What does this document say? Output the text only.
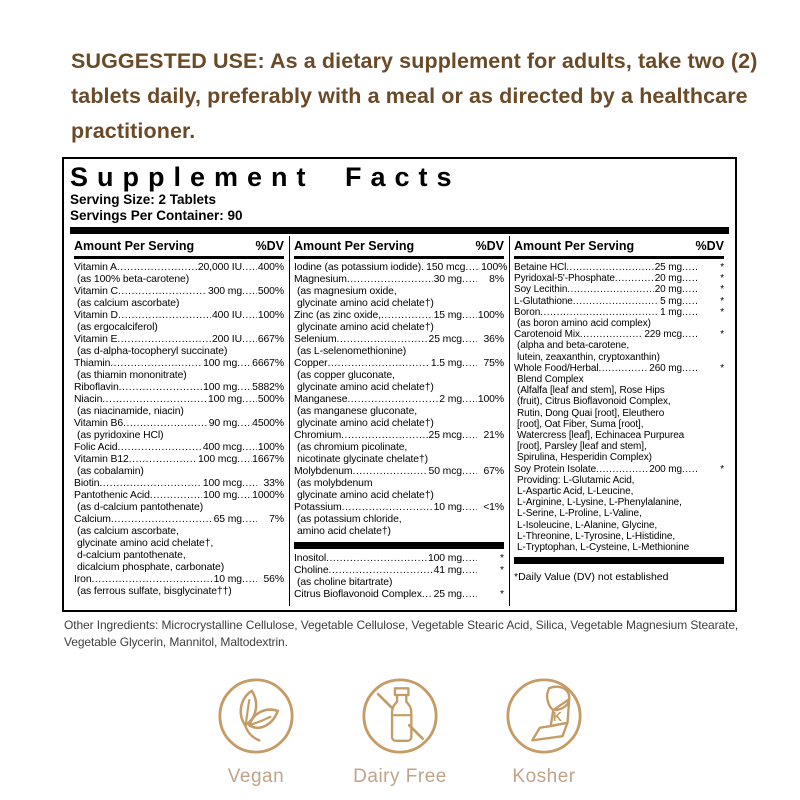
SUGGESTED USE: As a dietary supplement for adults, take two (2) tablets daily, preferably with a meal or as directed by a healthcare practitioner.

Supplement Facts
Serving Size: 2 Tablets
Servings Per Container: 90
Amount Per Serving	%DV
Vitamin A .....	20,000 IU ..... 400%
(as 100% beta-carotene)
Vitamin C .....	300 mg ..... 500%
(as calcium ascorbate)
Vitamin D .....	400 IU ..... 100%
(as ergocalciferol)
Vitamin E .....	200 IU ..... 667%
(as d-alpha-tocopheryl succinate)
Thiamin .....	100 mg ..... 6667%
(as thiamin mononitrate)
Riboflavin .....	100 mg ..... 5882%
Niacin .....	100 mg ..... 500%
(as niacinamide, niacin)
Vitamin B6 .....	90 mg ..... 4500%
(as pyridoxine HCl)
Folic Acid .....	400 mcg ..... 100%
Vitamin B12 .....	100 mcg ..... 1667%
(as cobalamin)
Biotin .....	100 mcg .....	33%
Pantothenic Acid .....	100 mg ..... 1000%
(as d-calcium pantothenate)
Calcium .....	65 mg .....	7%
(as calcium ascorbate,
glycinate amino acid chelate†,
d-calcium pantothenate,
dicalcium phosphate, carbonate)
Iron .....	10 mg .....	56%
(as ferrous sulfate, bisglycinate††)
Amount Per Serving	%DV
Iodine (as potassium iodide) ..... 150 mcg ..... 100%
Magnesium .....	30 mg .....	8%
(as magnesium oxide,
glycinate amino acid chelate†)
Zinc (as zinc oxide, .....	15 mg ..... 100%
glycinate amino acid chelate†)
Selenium .....	25 mcg .....	36%
(as L-selenomethionine)
Copper .....	1.5 mg .....	75%
(as copper gluconate,
glycinate amino acid chelate†)
Manganese .....	2 mg ..... 100%
(as manganese gluconate,
glycinate amino acid chelate†)
Chromium .....	25 mcg .....	21%
(as chromium picolinate,
nicotinate glycinate chelate†)
Molybdenum .....	50 mcg .....	67%
(as molybdenum
glycinate amino acid chelate†)
Potassium .....	10 mg .....	<1%
(as potassium chloride,
amino acid chelate†)
Inositol .....	100 mg .....	*
Choline .....	41 mg .....	*
(as choline bitartrate)
Citrus Bioflavonoid Complex ..... 25 mg .....	*
Amount Per Serving	%DV
Betaine HCl .....	25 mg .....	*
Pyridoxal-5'-Phosphate .....	20 mg .....	*
Soy Lecithin .....	20 mg .....	*
L-Glutathione .....	5 mg .....	*
Boron .....	1 mg .....	*
(as boron amino acid complex)
Carotenoid Mix .....	229 mcg .....	*
(alpha and beta-carotene,
lutein, zeaxanthin, cryptoxanthin)
Whole Food/Herbal .....	260 mg .....	*
Blend Complex
(Alfalfa [leaf and stem], Rose Hips
(fruit), Citrus Bioflavonoid Complex,
Rutin, Dong Quai [root], Eleuthero
[root], Oat Fiber, Suma [root],
Watercress [leaf], Echinacea Purpurea
[root], Parsley [leaf and stem],
Spirulina, Hesperidin Complex)
Soy Protein Isolate .....	200 mg .....	*
Providing: L-Glutamic Acid,
L-Aspartic Acid, L-Leucine,
L-Arginine, L-Lysine, L-Phenylalanine,
L-Serine, L-Proline, L-Valine,
L-Isoleucine, L-Alanine, Glycine,
L-Threonine, L-Tyrosine, L-Histidine,
L-Tryptophan, L-Cysteine, L-Methionine
*Daily Value (DV) not established

Other Ingredients: Microcrystalline Cellulose, Vegetable Cellulose, Vegetable Stearic Acid, Silica, Vegetable Magnesium Stearate, Vegetable Glycerin, Mannitol, Maltodextrin.

Vegan	Dairy Free
K
Kosher
